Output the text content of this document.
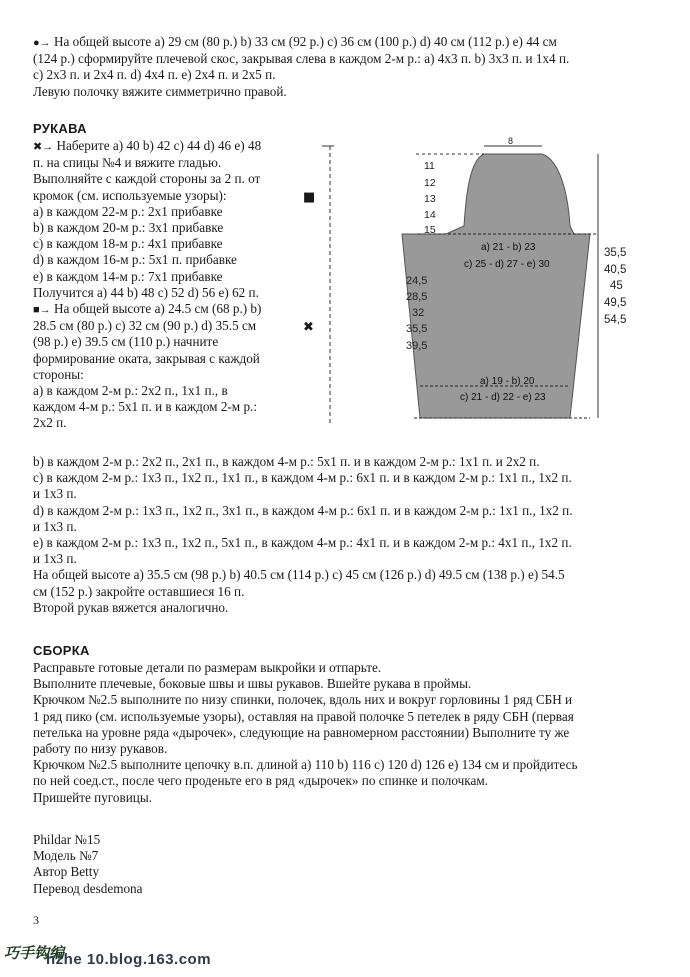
●→ На общей высоте а) 29 см (80 р.) b) 33 см (92 р.) c) 36 см (100 р.) d) 40 см (112 р.) e) 44 см
(124 р.) сформируйте плечевой скос, закрывая слева в каждом 2-м р.: а) 4х3 п. b) 3х3 п. и 1х4 п.
c) 2х3 п. и 2х4 п. d) 4х4 п. e) 2х4 п. и 2х5 п.
Левую полочку вяжите симметрично правой.
РУКАВА
✖→ Наберите а) 40 b) 42 c) 44 d) 46 e) 48
п. на спицы №4 и вяжите гладью.
Выполняйте с каждой стороны за 2 п. от
кромок (см. используемые узоры):
а) в каждом 22-м р.: 2х1 прибавке
b) в каждом 20-м р.: 3х1 прибавке
c) в каждом 18-м р.: 4х1 прибавке
d) в каждом 16-м р.: 5х1 п. прибавке
e) в каждом 14-м р.: 7х1 прибавке
Получится а) 44 b) 48 c) 52 d) 56 e) 62 п.
■→ На общей высоте а) 24.5 см (68 р.) b)
28.5 см (80 р.) c) 32 см (90 р.) d) 35.5 см
(98 р.) e) 39.5 см (110 р.) начните
формирование оката, закрывая с каждой
стороны:
а) в каждом 2-м р.: 2х2 п., 1х1 п., в
каждом 4-м р.: 5х1 п. и в каждом 2-м р.:
2х2 п.
b) в каждом 2-м р.: 2х2 п., 2х1 п., в каждом 4-м р.: 5х1 п. и в каждом 2-м р.: 1х1 п. и 2х2 п.
c) в каждом 2-м р.: 1х3 п., 1х2 п., 1х1 п., в каждом 4-м р.: 6х1 п. и в каждом 2-м р.: 1х1 п., 1х2 п.
и 1х3 п.
d) в каждом 2-м р.: 1х3 п., 1х2 п., 3х1 п., в каждом 4-м р.: 6х1 п. и в каждом 2-м р.: 1х1 п., 1х2 п.
и 1х3 п.
e) в каждом 2-м р.: 1х3 п., 1х2 п., 5х1 п., в каждом 4-м р.: 4х1 п. и в каждом 2-м р.: 4х1 п., 1х2 п.
и 1х3 п.
На общей высоте а) 35.5 см (98 р.) b) 40.5 см (114 р.) c) 45 см (126 р.) d) 49.5 см (138 р.) e) 54.5
см (152 р.) закройте оставшиеся 16 п.
Второй рукав вяжется аналогично.
СБОРКА
Расправьте готовые детали по размерам выкройки и отпарьте.
Выполните плечевые, боковые швы и швы рукавов. Вшейте рукава в проймы.
Крючком №2.5 выполните по низу спинки, полочек, вдоль них и вокруг горловины 1 ряд СБН и
1 ряд пико (см. используемые узоры), оставляя на правой полочке 5 петелек в ряду СБН (первая
петелька на уровне ряда «дырочек», следующие на равномерном расстоянии) Выполните ту же
работу по низу рукавов.
Крючком №2.5 выполните цепочку в.п. длиной а) 110 b) 116 c) 120 d) 126 e) 134 см и пройдитесь
по ней соед.ст., после чего проденьте его в ряд «дырочек» по спинке и полочкам.
Пришейте пуговицы.
Phildar №15
Модель №7
Автор Betty
Перевод desdemona
3
■
✖
8
11
12
13
14
15
а) 21 - b) 23
c) 25 - d) 27 - e) 30
24,5
28,5
32
35,5
39,5
35,5
40,5
45
49,5
54,5
а) 19 - b) 20
c) 21 - d) 22 - e) 23
巧手钩编
hzhe 10.blog.163.com
